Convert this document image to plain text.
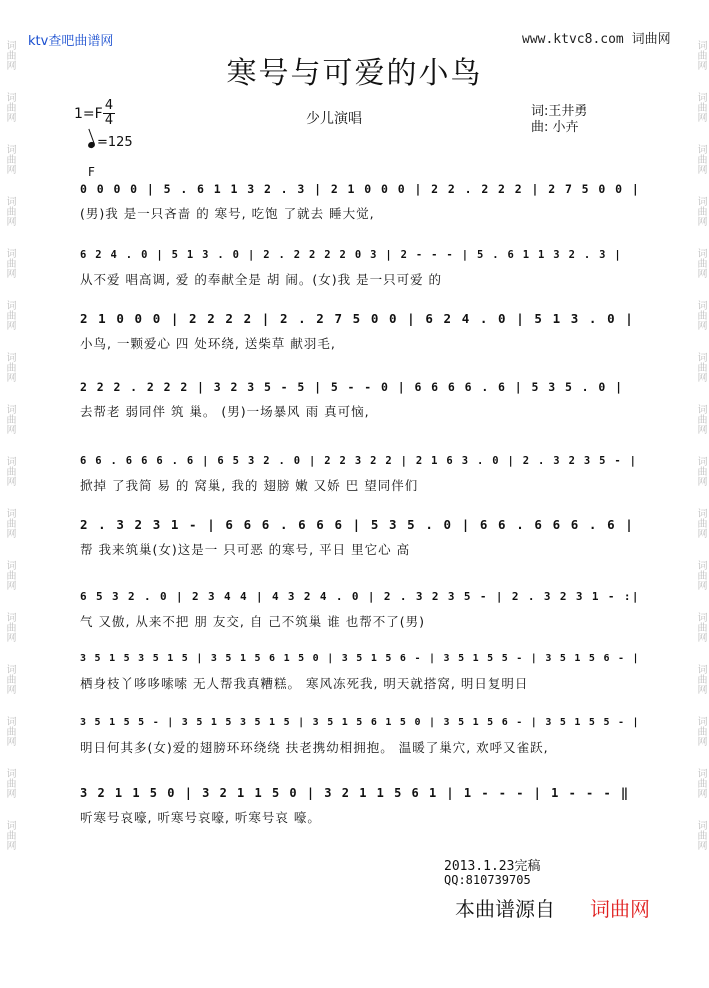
词曲网
词曲网
词曲网
词曲网
词曲网
词曲网
词曲网
词曲网
词曲网
词曲网
词曲网
词曲网
词曲网
词曲网
词曲网
词曲网
词曲网
词曲网
词曲网
词曲网
词曲网
词曲网
词曲网
词曲网
词曲网
词曲网
词曲网
词曲网
词曲网
词曲网
词曲网
词曲网
ktv查吧曲谱网	www.ktvc8.com 词曲网
寒号与可爱的小鸟
1=F
4
4
=125
少儿演唱	词:王井勇
曲: 小卉
F
0 0 0 0 | 5 . 6 1 1 3 2 . 3 | 2 1 0 0 0 | 2 2 . 2 2 2 | 2 7 5 0 0 |
(男)我 是一只吝啬 的 寒号, 吃饱 了就去 睡大觉,
6 2 4 . 0 | 5 1 3 . 0 | 2 . 2 2 2 2 0 3 | 2 - - - | 5 . 6 1 1 3 2 . 3 |
从不爱 唱高调, 爱 的奉献全是 胡 闹。(女)我 是一只可爱 的
2 1 0 0 0 | 2 2 2 2 | 2 . 2 7 5 0 0 | 6 2 4 . 0 | 5 1 3 . 0 |
小鸟, 一颗爱心 四 处环绕, 送柴草 献羽毛,
2 2 2 . 2 2 2 | 3 2 3 5 - 5 | 5 - - 0 | 6 6 6 6 . 6 | 5 3 5 . 0 |
去帮老 弱同伴 筑 巢。 (男)一场暴风 雨 真可恼,
6 6 . 6 6 6 . 6 | 6 5 3 2 . 0 | 2 2 3 2 2 | 2 1 6 3 . 0 | 2 . 3 2 3 5 - |
掀掉 了我简 易 的 窝巢, 我的 翅膀 嫩 又娇 巴 望同伴们
2 . 3 2 3 1 - | 6 6 6 . 6 6 6 | 5 3 5 . 0 | 6 6 . 6 6 6 . 6 |
帮 我来筑巢(女)这是一 只可恶 的寒号, 平日 里它心 高
6 5 3 2 . 0 | 2 3 4 4 | 4 3 2 4 . 0 | 2 . 3 2 3 5 - | 2 . 3 2 3 1 - :|
气 又傲, 从来不把 朋 友交, 自 己不筑巢 谁 也帮不了(男)
3 5 1 5 3 5 1 5 | 3 5 1 5 6 1 5 0 | 3 5 1 5 6 - | 3 5 1 5 5 - | 3 5 1 5 6 - |
栖身枝丫哆哆嗦嗦 无人帮我真糟糕。 寒风冻死我, 明天就搭窝, 明日复明日
3 5 1 5 5 - | 3 5 1 5 3 5 1 5 | 3 5 1 5 6 1 5 0 | 3 5 1 5 6 - | 3 5 1 5 5 - |
明日何其多(女)爱的翅膀环环绕绕 扶老携幼相拥抱。 温暖了巢穴, 欢呼又雀跃,
3 2 1 1 5 0 | 3 2 1 1 5 0 | 3 2 1 1 5 6 1 | 1 - - - | 1 - - - ‖
听寒号哀嚎, 听寒号哀嚎, 听寒号哀 嚎。
2013.1.23完稿
QQ:810739705
本曲谱源自 词曲网
